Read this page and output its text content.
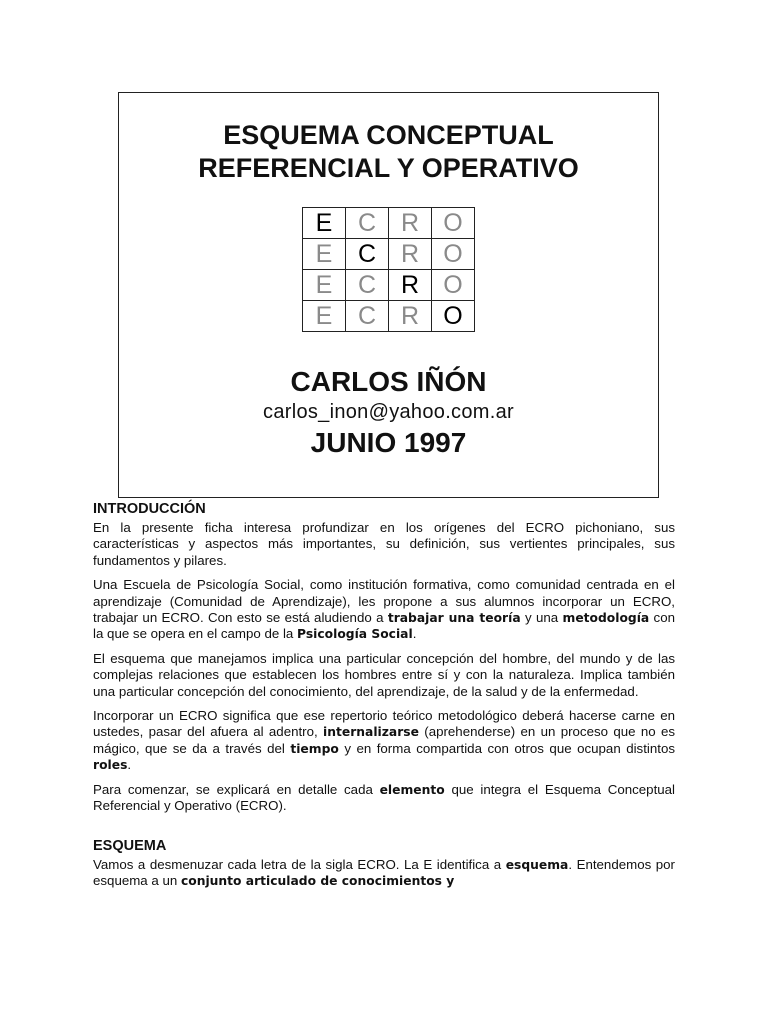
ESQUEMA CONCEPTUAL
REFERENCIAL Y OPERATIVO
E	C	R	O
E	C	R	O
E	C	R	O
E	C	R	O
CARLOS IÑÓN
carlos_inon@yahoo.com.ar
JUNIO 1997
INTRODUCCIÓN

En la presente ficha interesa profundizar en los orígenes del ECRO pichoniano, sus características y aspectos más importantes, su definición, sus vertientes principales, sus fundamentos y pilares.

Una Escuela de Psicología Social, como institución formativa, como comunidad centrada en el aprendizaje (Comunidad de Aprendizaje), les propone a sus alumnos incorporar un ECRO, trabajar un ECRO. Con esto se está aludiendo a trabajar una teoría y una metodología con la que se opera en el campo de la Psicología Social.

El esquema que manejamos implica una particular concepción del hombre, del mundo y de las complejas relaciones que establecen los hombres entre sí y con la naturaleza. Implica también una particular concepción del conocimiento, del aprendizaje, de la salud y de la enfermedad.

Incorporar un ECRO significa que ese repertorio teórico metodológico deberá hacerse carne en ustedes, pasar del afuera al adentro, internalizarse (aprehenderse) en un proceso que no es mágico, que se da a través del tiempo y en forma compartida con otros que ocupan distintos roles.

Para comenzar, se explicará en detalle cada elemento que integra el Esquema Conceptual Referencial y Operativo (ECRO).

ESQUEMA

Vamos a desmenuzar cada letra de la sigla ECRO. La E identifica a esquema. Entendemos por esquema a un conjunto articulado de conocimientos y
